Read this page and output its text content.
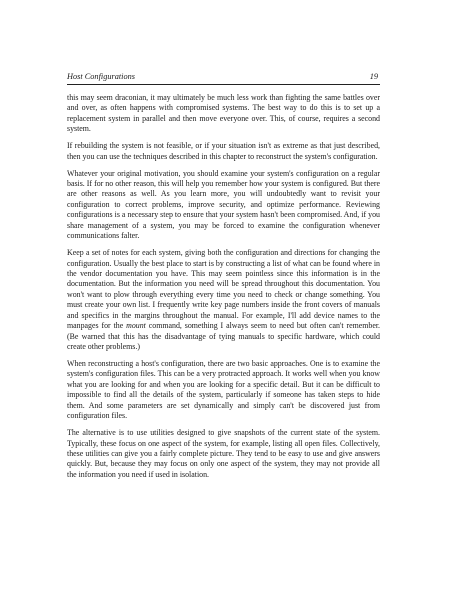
Host Configurations	19

this may seem draconian, it may ultimately be much less work than fighting the same battles over and over, as often happens with compromised systems. The best way to do this is to set up a replacement system in parallel and then move everyone over. This, of course, requires a second system.

If rebuilding the system is not feasible, or if your situation isn't as extreme as that just described, then you can use the techniques described in this chapter to reconstruct the system's configuration.

Whatever your original motivation, you should examine your system's configuration on a regular basis. If for no other reason, this will help you remember how your system is configured. But there are other reasons as well. As you learn more, you will undoubtedly want to revisit your configuration to correct problems, improve security, and optimize performance. Reviewing configurations is a necessary step to ensure that your system hasn't been compromised. And, if you share management of a system, you may be forced to examine the configuration whenever communications falter.

Keep a set of notes for each system, giving both the configuration and directions for changing the configuration. Usually the best place to start is by constructing a list of what can be found where in the vendor documentation you have. This may seem pointless since this information is in the documentation. But the information you need will be spread throughout this documentation. You won't want to plow through everything every time you need to check or change something. You must create your own list. I frequently write key page numbers inside the front covers of manuals and specifics in the margins throughout the manual. For example, I'll add device names to the manpages for the mount command, something I always seem to need but often can't remember. (Be warned that this has the disadvantage of tying manuals to specific hardware, which could create other problems.)

When reconstructing a host's configuration, there are two basic approaches. One is to examine the system's configuration files. This can be a very protracted approach. It works well when you know what you are looking for and when you are looking for a specific detail. But it can be difficult to impossible to find all the details of the system, particularly if someone has taken steps to hide them. And some parameters are set dynamically and simply can't be discovered just from configuration files.

The alternative is to use utilities designed to give snapshots of the current state of the system. Typically, these focus on one aspect of the system, for example, listing all open files. Collectively, these utilities can give you a fairly complete picture. They tend to be easy to use and give answers quickly. But, because they may focus on only one aspect of the system, they may not provide all the information you need if used in isolation.
